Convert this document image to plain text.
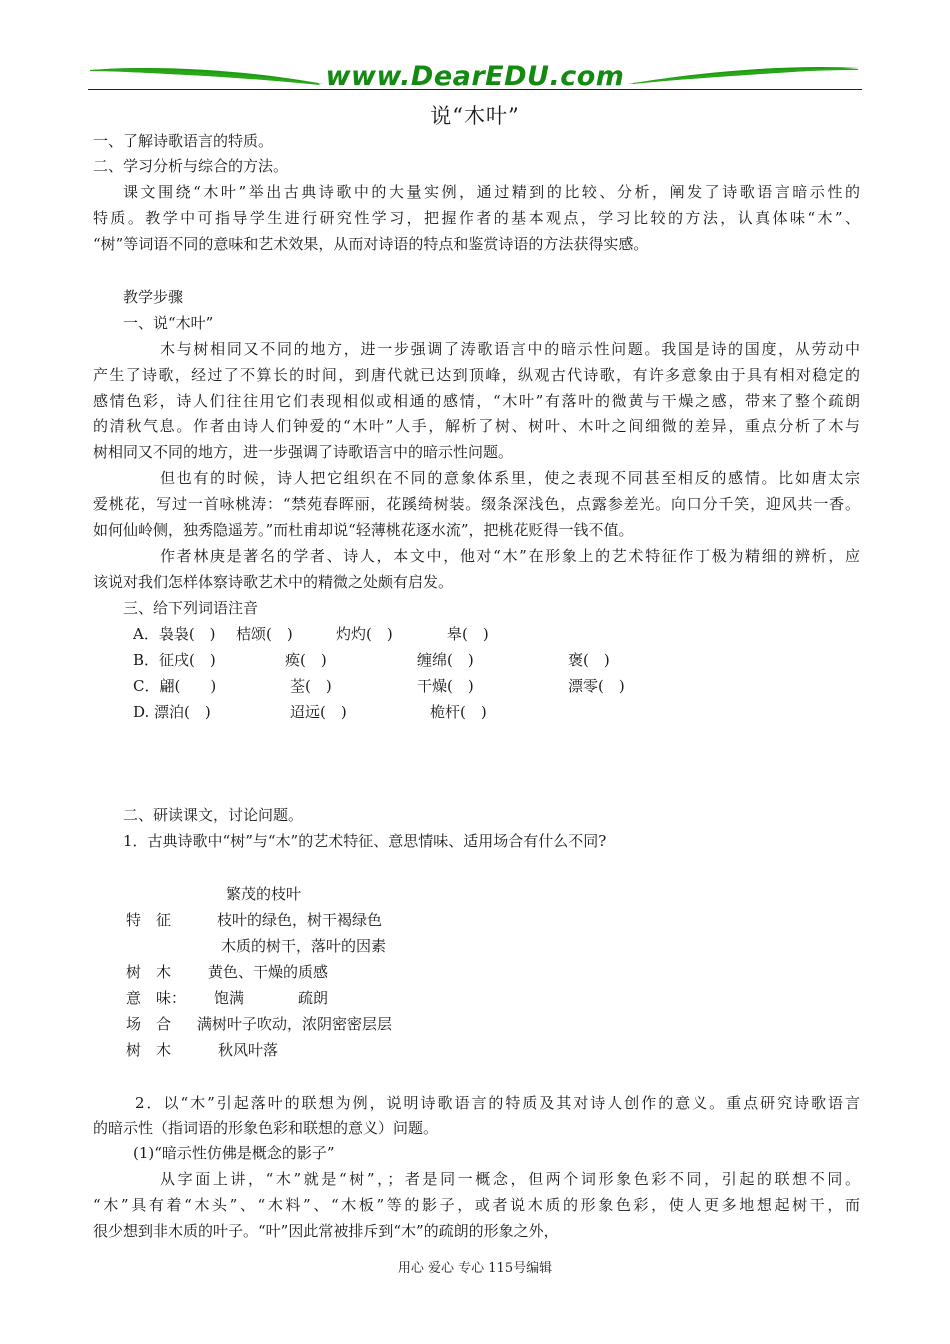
www.DearEDU.com
说“木叶”
一、了解诗歌语言的特质。
二、学习分析与综合的方法。
课文围绕“木叶”举出古典诗歌中的大量实例，通过精到的比较、分析，阐发了诗歌语言暗示性的
特质。教学中可指导学生进行研究性学习，把握作者的基本观点，学习比较的方法，认真体味“木”、
“树”等词语不同的意味和艺术效果，从而对诗语的特点和鉴赏诗语的方法获得实感。
教学步骤
一、说“木叶”
木与树相同又不同的地方，进一步强调了涛歌语言中的暗示性问题。我国是诗的国度，从劳动中
产生了诗歌，经过了不算长的时间，到唐代就已达到顶峰，纵观古代诗歌，有许多意象由于具有相对稳定的
感情色彩，诗人们往往用它们表现相似或相通的感情，“木叶”有落叶的微黄与干燥之感，带来了整个疏朗
的清秋气息。作者由诗人们钟爱的“木叶”人手，解析了树、树叶、木叶之间细微的差异，重点分析了木与
树相同又不同的地方，进一步强调了诗歌语言中的暗示性问题。
但也有的时候，诗人把它组织在不同的意象体系里，使之表现不同甚至相反的感情。比如唐太宗
爱桃花，写过一首咏桃涛：“禁苑春晖丽，花蹊绮树装。缀条深浅色，点露参差光。向口分千笑，迎风共一香。
如何仙岭侧，独秀隐遥芳。”而杜甫却说“轻薄桃花逐水流”，把桃花贬得一钱不值。
作者林庚是著名的学者、诗人，本文中，他对“木”在形象上的艺术特征作丁极为精细的辨析，应
该说对我们怎样体察诗歌艺术中的精微之处颇有启发。
三、给下列词语注音
A．袅袅(　) 桔颂(　)	灼灼(　)	皋(　)
B．征戌(　)	痪(　)	缠绵(　)	褒(　)
C．翩(　　)	荃(　)	干燥(　)	漂零(　)
D. 漂泊(　)	迢远(　)	桅杆(　)
二、研读课文，讨论问题。
1．古典诗歌中“树”与“木”的艺术特征、意思情味、适用场合有什么不同?
繁茂的枝叶
特　征	枝叶的绿色，树干褐绿色
木质的树干，落叶的因素
树　木 黄色、干燥的质感
意　味： 饱满	疏朗
场　合 满树叶子吹动，浓阴密密层层
树　木	秋风叶落
2．以“木”引起落叶的联想为例，说明诗歌语言的特质及其对诗人创作的意义。重点研究诗歌语言
的暗示性（指词语的形象色彩和联想的意义）问题。
(1)“暗示性仿佛是概念的影子”
从字面上讲，“木”就是“树”，；者是同一概念，但两个词形象色彩不同，引起的联想不同。
“木”具有着“木头”、“木料”、“木板”等的影子，或者说木质的形象色彩，使人更多地想起树干，而
很少想到非木质的叶子。“叶”因此常被排斥到“木”的疏朗的形象之外，
用心 爱心 专心 115号编辑
